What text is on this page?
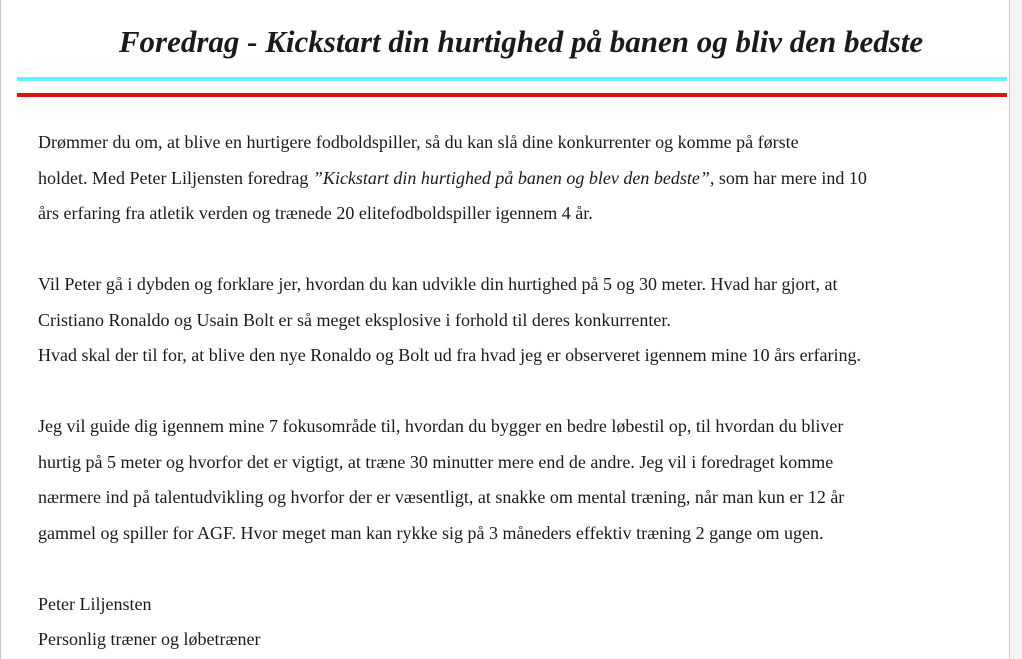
Foredrag - Kickstart din hurtighed på banen og bliv den bedste
Drømmer du om, at blive en hurtigere fodboldspiller, så du kan slå dine konkurrenter og komme på første
holdet. Med Peter Liljensten foredrag ”Kickstart din hurtighed på banen og blev den bedste”, som har mere ind 10
års erfaring fra atletik verden og trænede 20 elitefodboldspiller igennem 4 år.
Vil Peter gå i dybden og forklare jer, hvordan du kan udvikle din hurtighed på 5 og 30 meter. Hvad har gjort, at
Cristiano Ronaldo og Usain Bolt er så meget eksplosive i forhold til deres konkurrenter.
Hvad skal der til for, at blive den nye Ronaldo og Bolt ud fra hvad jeg er observeret igennem mine 10 års erfaring.
Jeg vil guide dig igennem mine 7 fokusområde til, hvordan du bygger en bedre løbestil op, til hvordan du bliver
hurtig på 5 meter og hvorfor det er vigtigt, at træne 30 minutter mere end de andre. Jeg vil i foredraget komme
nærmere ind på talentudvikling og hvorfor der er væsentligt, at snakke om mental træning, når man kun er 12 år
gammel og spiller for AGF. Hvor meget man kan rykke sig på 3 måneders effektiv træning 2 gange om ugen.
Peter Liljensten
Personlig træner og løbetræner
